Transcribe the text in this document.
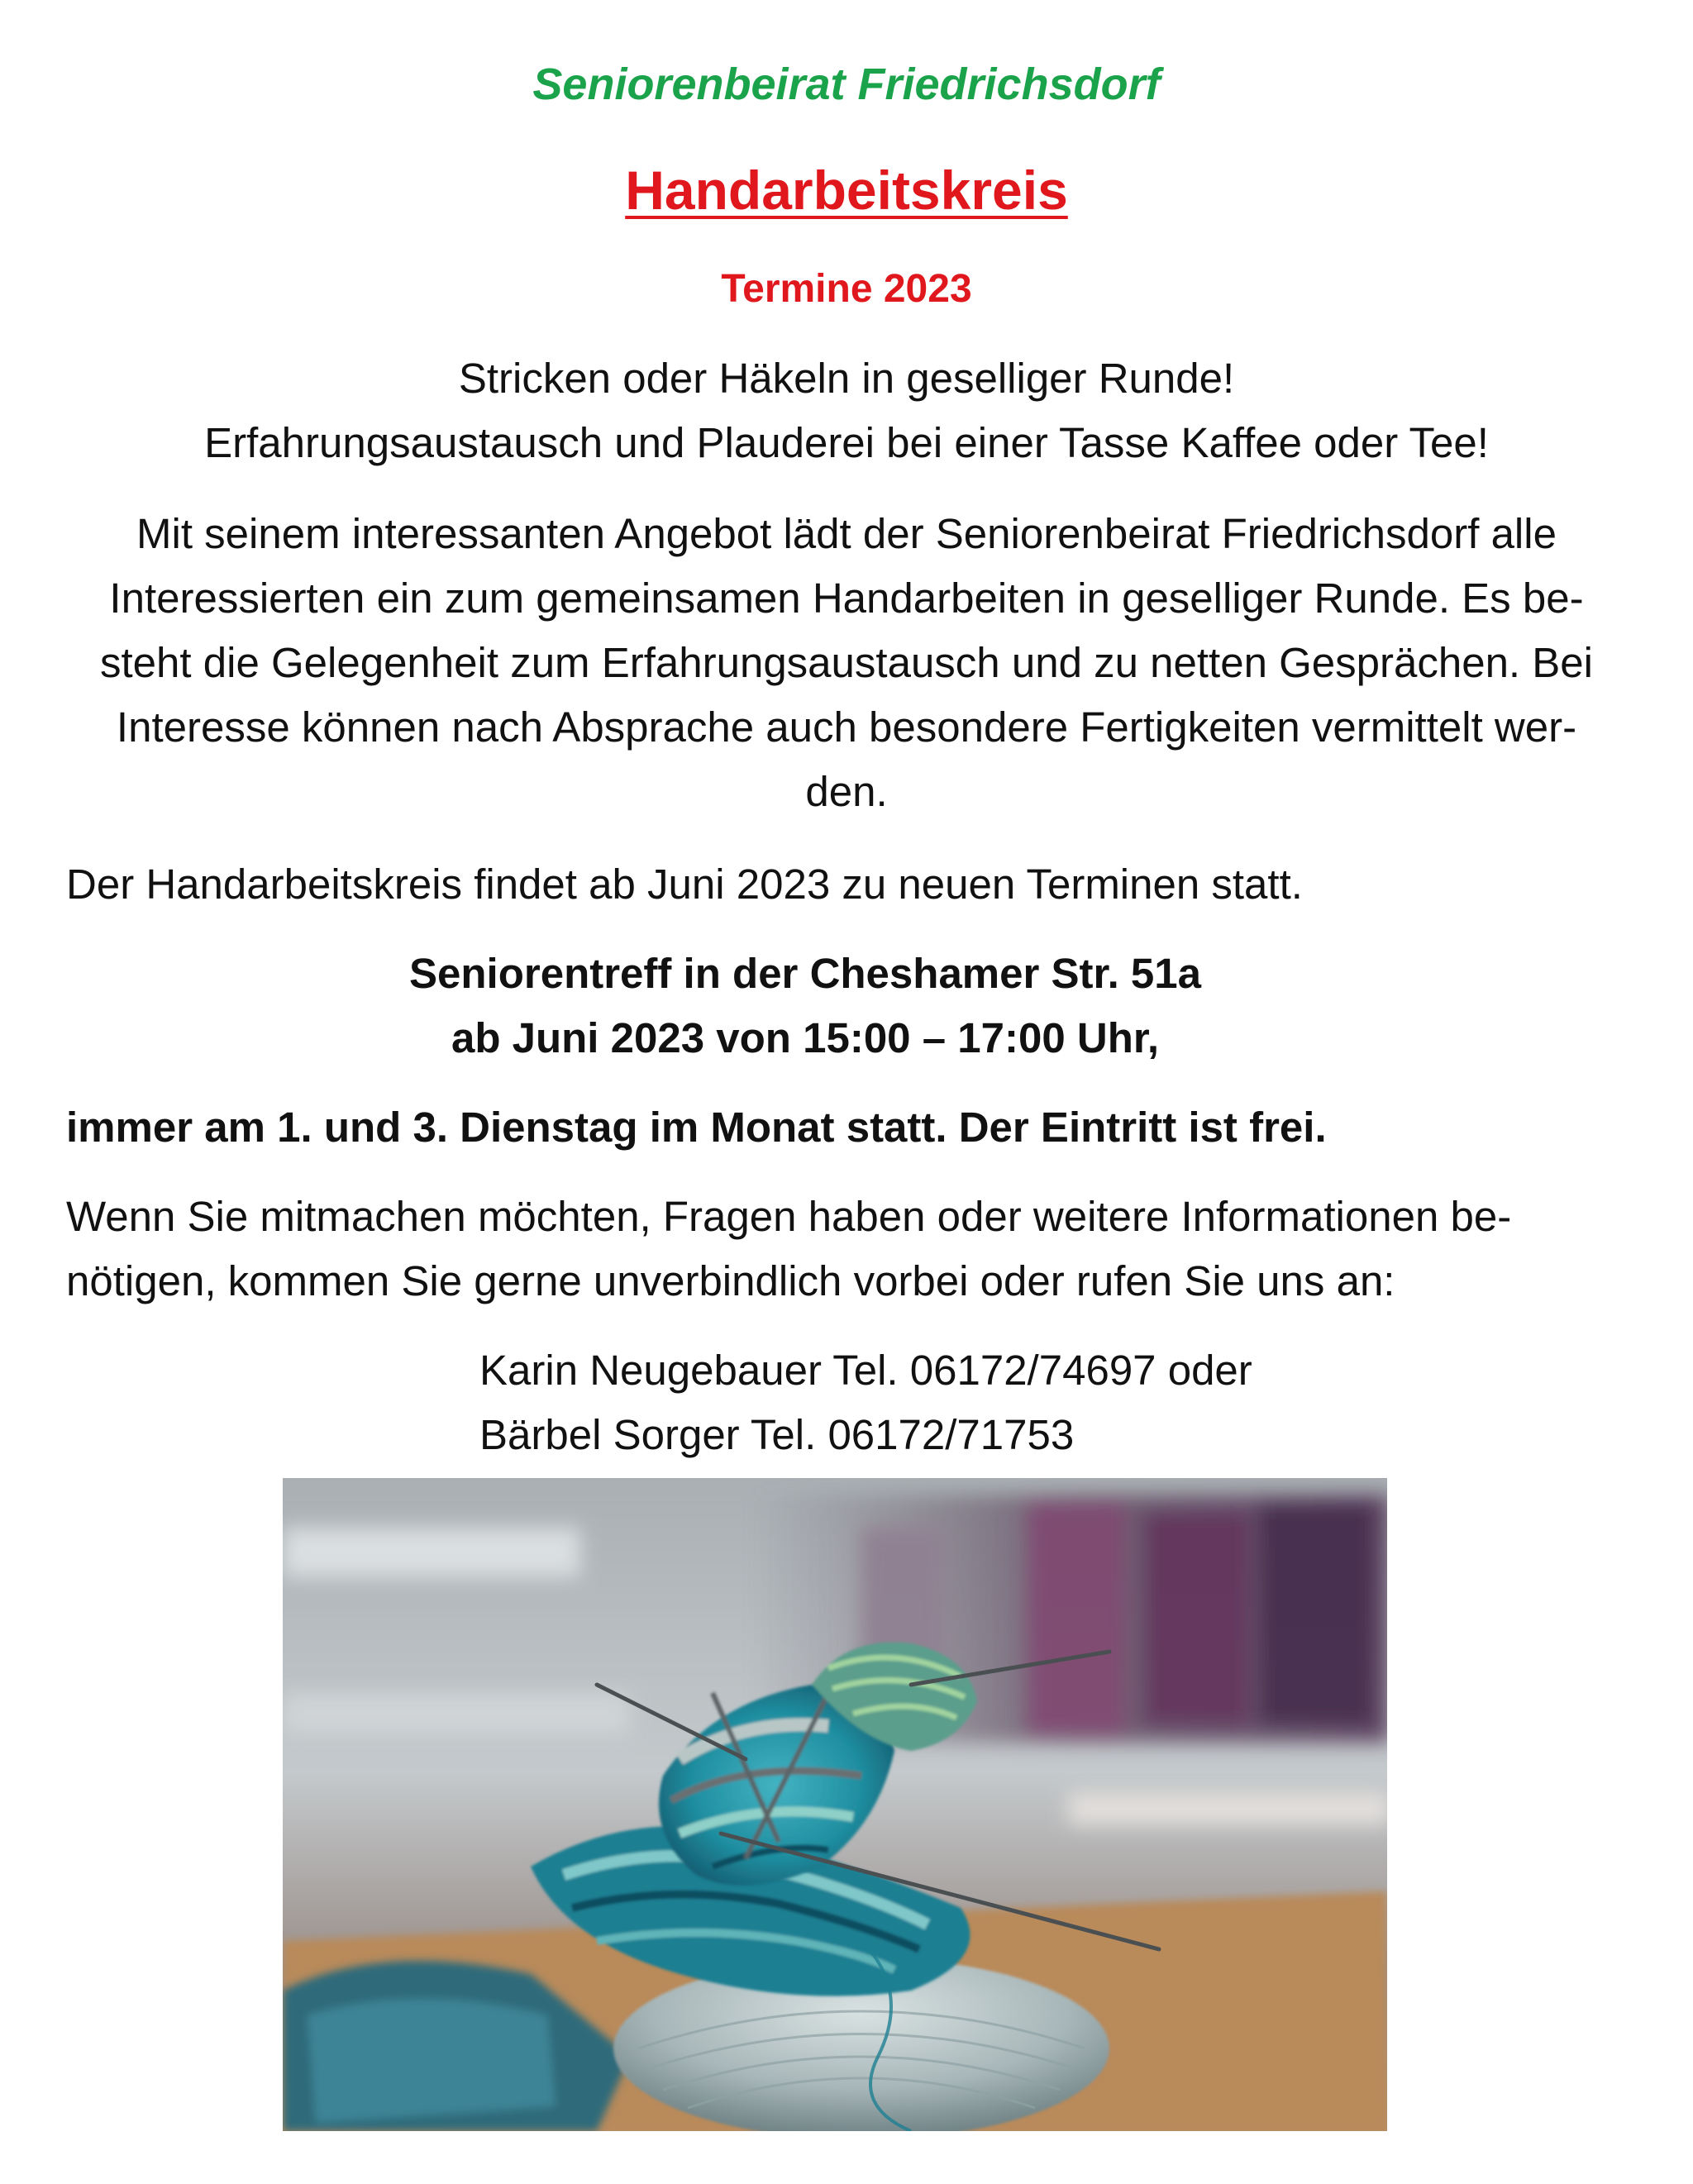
Seniorenbeirat Friedrichsdorf
Handarbeitskreis
Termine 2023
Stricken oder Häkeln in geselliger Runde!
Erfahrungsaustausch und Plauderei bei einer Tasse Kaffee oder Tee!
Mit seinem interessanten Angebot lädt der Seniorenbeirat Friedrichsdorf alle
Interessierten ein zum gemeinsamen Handarbeiten in geselliger Runde. Es be-
steht die Gelegenheit zum Erfahrungsaustausch und zu netten Gesprächen. Bei
Interesse können nach Absprache auch besondere Fertigkeiten vermittelt wer-
den.
Der Handarbeitskreis findet ab Juni 2023 zu neuen Terminen statt.
Seniorentreff in der Cheshamer Str. 51a
ab Juni 2023 von 15:00 – 17:00 Uhr,
immer am 1. und 3. Dienstag im Monat statt. Der Eintritt ist frei.
Wenn Sie mitmachen möchten, Fragen haben oder weitere Informationen be-
nötigen, kommen Sie gerne unverbindlich vorbei oder rufen Sie uns an:
Karin Neugebauer Tel. 06172/74697 oder
Bärbel Sorger Tel. 06172/71753
